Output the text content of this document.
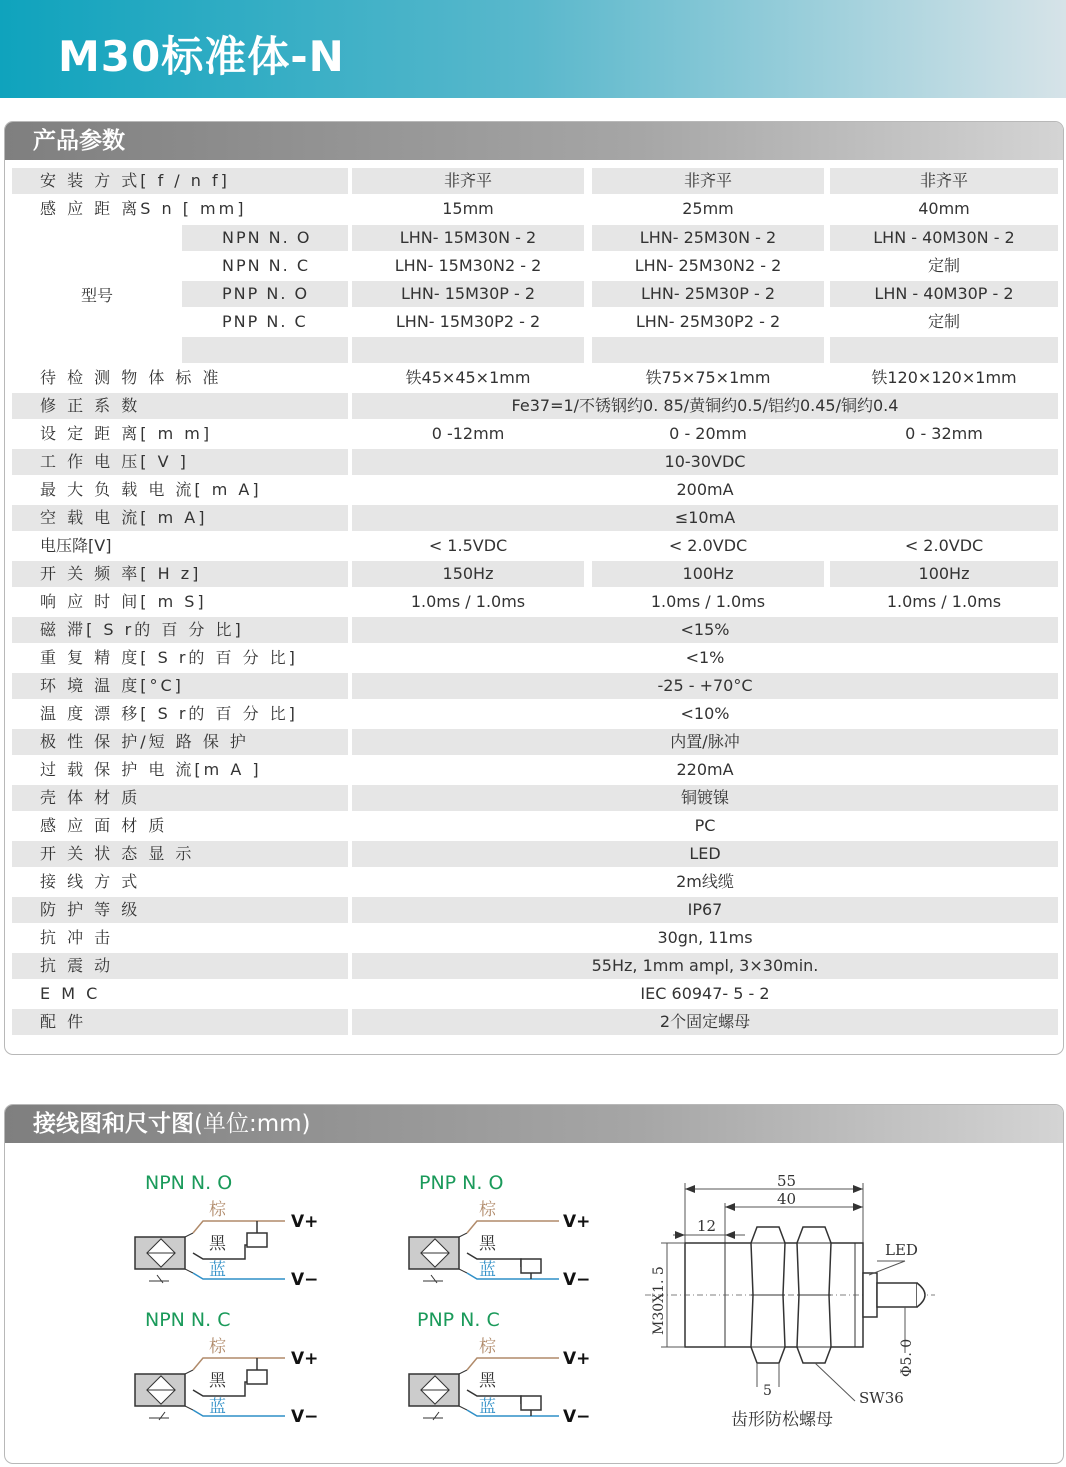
M30标准体-N
产品参数
安 装 方 式[ f / n f]	非齐平	非齐平	非齐平
感 应 距 离S n [ mm]	15mm	25mm	40mm
型号
NPN N. O	LHN- 15M30N - 2	LHN- 25M30N - 2	LHN - 40M30N - 2
NPN N. C	LHN- 15M30N2 - 2	LHN- 25M30N2 - 2	定制
PNP N. O	LHN- 15M30P - 2	LHN- 25M30P - 2	LHN - 40M30P - 2
PNP N. C	LHN- 15M30P2 - 2	LHN- 25M30P2 - 2	定制
待 检 测 物 体 标 准	铁45×45×1mm	铁75×75×1mm	铁120×120×1mm
修 正 系 数	Fe37=1/不锈钢约0. 85/黄铜约0.5/铝约0.45/铜约0.4
设 定 距 离[ m m]	0 -12mm	0 - 20mm	0 - 32mm
工 作 电 压[ V ]	10-30VDC
最 大 负 载 电 流[ m A]	200mA
空 载 电 流[ m A]	≤10mA
电压降[V]	< 1.5VDC	< 2.0VDC	< 2.0VDC
开 关 频 率[ H z]	150Hz	100Hz	100Hz
响 应 时 间[ m S]	1.0ms / 1.0ms	1.0ms / 1.0ms	1.0ms / 1.0ms
磁 滞[ S r的 百 分 比]	<15%
重 复 精 度[ S r的 百 分 比]	<1%
环 境 温 度[°C]	-25 - +70°C
温 度 漂 移[ S r的 百 分 比]	<10%
极 性 保 护/短 路 保 护	内置/脉冲
过 载 保 护 电 流[m A ]	220mA
壳 体 材 质	铜镀镍
感 应 面 材 质	PC
开 关 状 态 显 示	LED
接 线 方 式	2m线缆
防 护 等 级	IP67
抗 冲 击	30gn, 11ms
抗 震 动	55Hz, 1mm ampl, 3×30min.
E M C	IEC 60947- 5 - 2
配 件	2个固定螺母
接线图和尺寸图(单位:mm)
NPN N. O
棕
黑
蓝
V+
V−
PNP N. O
棕
黑
蓝
V+
V−
NPN N. C
棕
黑
蓝
V+
V−
PNP N. C
棕
黑
蓝
V+
V−
55
40
12
LED
M30X1. 5
Φ5. 0
5	SW36
齿形防松螺母
